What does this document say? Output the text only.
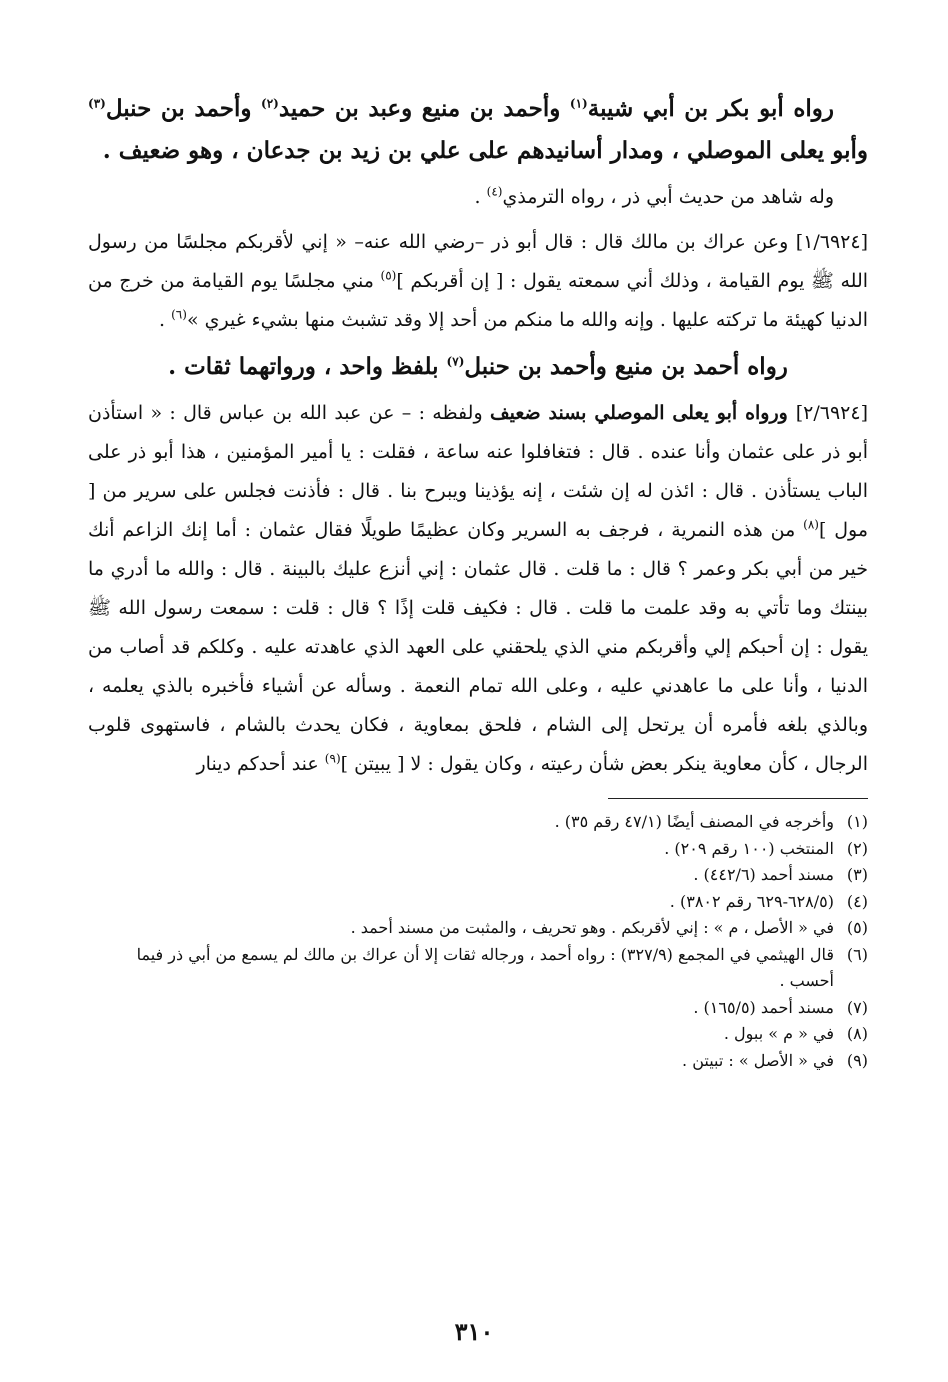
رواه أبو بكر بن أبي شيبة$^{(١)}$ وأحمد بن منيع وعبد بن حميد$^{(٢)}$ وأحمد بن حنبل$^{(٣)}$ وأبو يعلى الموصلي ، ومدار أسانيدهم على علي بن زيد بن جدعان ، وهو ضعيف .
وله شاهد من حديث أبي ذر ، رواه الترمذي$^{(٤)}$ .
[١/٦٩٢٤] وعن عراك بن مالك قال : قال أبو ذر –رضي الله عنه– « إني لأقربكم مجلسًا من رسول الله ﷺ يوم القيامة ، وذلك أني سمعته يقول : [ إن أقربكم ]$^{(٥)}$ مني مجلسًا يوم القيامة من خرج من الدنيا كهيئة ما تركته عليها . وإنه والله ما منكم من أحد إلا وقد تشبث منها بشيء غيري »$^{(٦)}$ .
رواه أحمد بن منيع وأحمد بن حنبل$^{(٧)}$ بلفظ واحد ، ورواتهما ثقات .
[٢/٦٩٢٤] ورواه أبو يعلى الموصلي بسند ضعيف ولفظه : – عن عبد الله بن عباس قال : « استأذن أبو ذر على عثمان وأنا عنده . قال : فتغافلوا عنه ساعة ، فقلت : يا أمير المؤمنين ، هذا أبو ذر على الباب يستأذن . قال : ائذن له إن شئت ، إنه يؤذينا ويبرح بنا . قال : فأذنت فجلس على سرير من [ مول ]$^{(٨)}$ من هذه النمرية ، فرجف به السرير وكان عظيمًا طويلًا فقال عثمان : أما إنك الزاعم أنك خير من أبي بكر وعمر ؟ قال : ما قلت . قال عثمان : إني أنزع عليك بالبينة . قال : والله ما أدري ما بينتك وما تأتي به وقد علمت ما قلت . قال : فكيف قلت إذًا ؟ قال : قلت : سمعت رسول الله ﷺ يقول : إن أحبكم إلي وأقربكم مني الذي يلحقني على العهد الذي عاهدته عليه . وكلكم قد أصاب من الدنيا ، وأنا على ما عاهدني عليه ، وعلى الله تمام النعمة . وسأله عن أشياء فأخبره بالذي يعلمه ، وبالذي بلغه فأمره أن يرتحل إلى الشام ، فلحق بمعاوية ، فكان يحدث بالشام ، فاستهوى قلوب الرجال ، كأن معاوية ينكر بعض شأن رعيته ، وكان يقول : لا [ يبيتن ]$^{(٩)}$ عند أحدكم دينار
(١)
وأخرجه في المصنف أيضًا (٤٧/١ رقم ٣٥) .
(٢)
المنتخب (١٠٠ رقم ٢٠٩) .
(٣)
مسند أحمد (٤٤٢/٦) .
(٤)
(٦٢٨/٥-٦٢٩ رقم ٣٨٠٢) .
(٥)
في « الأصل ، م » : إني لأقربكم . وهو تحريف ، والمثبت من مسند أحمد .
(٦)
قال الهيثمي في المجمع (٣٢٧/٩) : رواه أحمد ، ورجاله ثقات إلا أن عراك بن مالك لم يسمع من أبي ذر فيما أحسب .
(٧)
مسند أحمد (١٦٥/٥) .
(٨)
في « م » ببول .
(٩)
في « الأصل » : تبيتن .
٣١٠
